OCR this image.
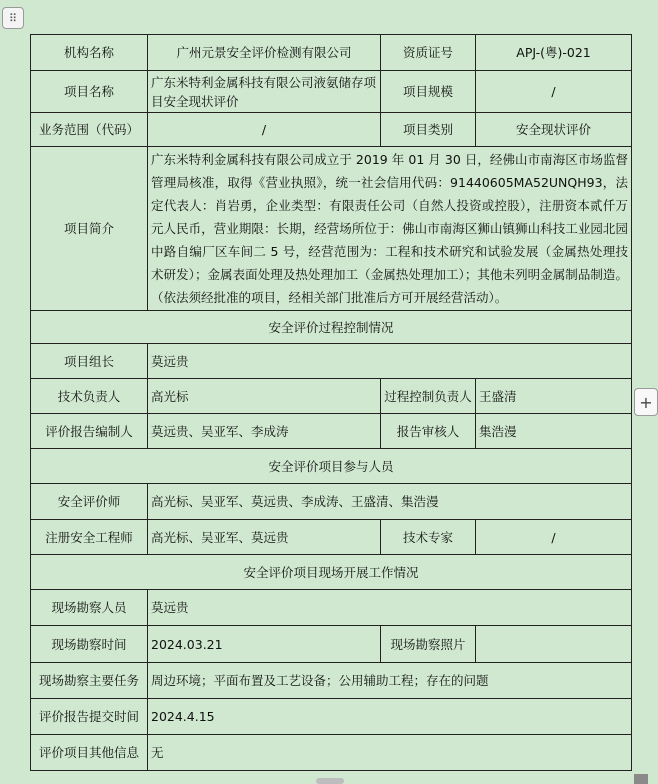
⠿
+
机构名称	广州元景安全评价检测有限公司	资质证号	APJ-(粤)-021
项目名称	广东米特利金属科技有限公司液氨储存项目安全现状评价	项目规模	/
业务范围（代码）	/	项目类别	安全现状评价
项目简介	广东米特利金属科技有限公司成立于 2019 年 01 月 30 日，经佛山市南海区市场监督管理局核准，取得《营业执照》，统一社会信用代码：91440605MA52UNQH93，法定代表人：肖岩勇，企业类型：有限责任公司（自然人投资或控股），注册资本贰仟万元人民币，营业期限：长期，经营场所位于：佛山市南海区狮山镇狮山科技工业园北园中路自编厂区车间二 5 号，经营范围为：工程和技术研究和试验发展（金属热处理技术研发）；金属表面处理及热处理加工（金属热处理加工）；其他未列明金属制品制造。（依法须经批准的项目，经相关部门批准后方可开展经营活动）。		
安全评价过程控制情况			
项目组长	莫远贵		
技术负责人	高光标	过程控制负责人	王盛清
评价报告编制人	莫远贵、吴亚军、李成涛	报告审核人	集浩漫
安全评价项目参与人员			
安全评价师	高光标、吴亚军、莫远贵、李成涛、王盛清、集浩漫		
注册安全工程师	高光标、吴亚军、莫远贵	技术专家	/
安全评价项目现场开展工作情况			
现场勘察人员	莫远贵		
现场勘察时间	2024.03.21	现场勘察照片	
现场勘察主要任务	周边环境；平面布置及工艺设备；公用辅助工程；存在的问题		
评价报告提交时间	2024.4.15		
评价项目其他信息	无		
